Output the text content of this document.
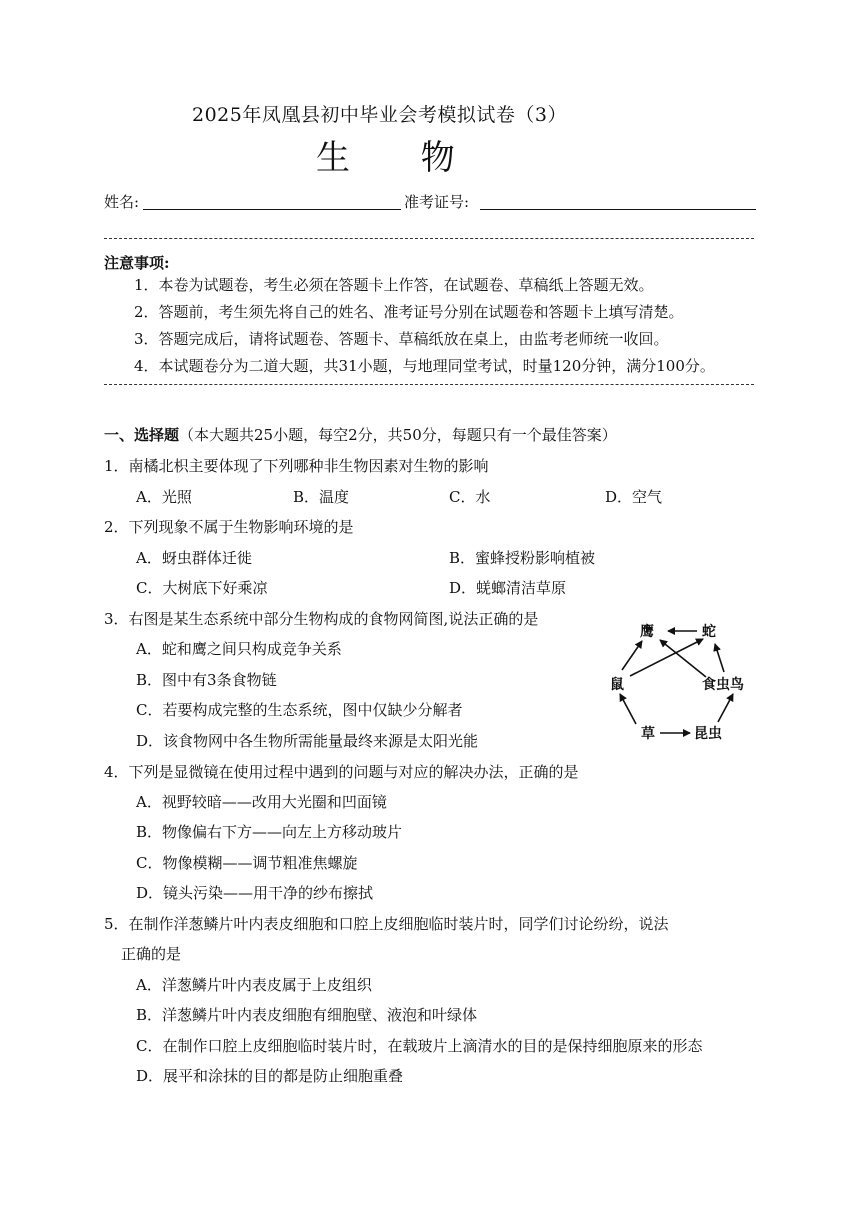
2025年凤凰县初中毕业会考模拟试卷（3）
生 物
姓名:	准考证号:
注意事项:
1．本卷为试题卷，考生必须在答题卡上作答，在试题卷、草稿纸上答题无效。
2．答题前，考生须先将自己的姓名、准考证号分别在试题卷和答题卡上填写清楚。
3．答题完成后，请将试题卷、答题卡、草稿纸放在桌上，由监考老师统一收回。
4．本试题卷分为二道大题，共31小题，与地理同堂考试，时量120分钟，满分100分。
一、选择题（本大题共25小题，每空2分，共50分，每题只有一个最佳答案）
1．南橘北枳主要体现了下列哪种非生物因素对生物的影响
A．光照	B．温度	C．水	D．空气
2．下列现象不属于生物影响环境的是
A．蚜虫群体迁徙	B．蜜蜂授粉影响植被
C．大树底下好乘凉	D．蜣螂清洁草原
3．右图是某生态系统中部分生物构成的食物网简图,说法正确的是
A．蛇和鹰之间只构成竞争关系
B．图中有3条食物链
C．若要构成完整的生态系统，图中仅缺少分解者
D．该食物网中各生物所需能量最终来源是太阳光能
鹰	蛇
鼠	食虫鸟
草	昆虫
4．下列是显微镜在使用过程中遇到的问题与对应的解决办法，正确的是
A．视野较暗——改用大光圈和凹面镜
B．物像偏右下方——向左上方移动玻片
C．物像模糊——调节粗准焦螺旋
D．镜头污染——用干净的纱布擦拭
5．在制作洋葱鳞片叶内表皮细胞和口腔上皮细胞临时装片时，同学们讨论纷纷，说法
正确的是
A．洋葱鳞片叶内表皮属于上皮组织
B．洋葱鳞片叶内表皮细胞有细胞壁、液泡和叶绿体
C．在制作口腔上皮细胞临时装片时，在载玻片上滴清水的目的是保持细胞原来的形态
D．展平和涂抹的目的都是防止细胞重叠
